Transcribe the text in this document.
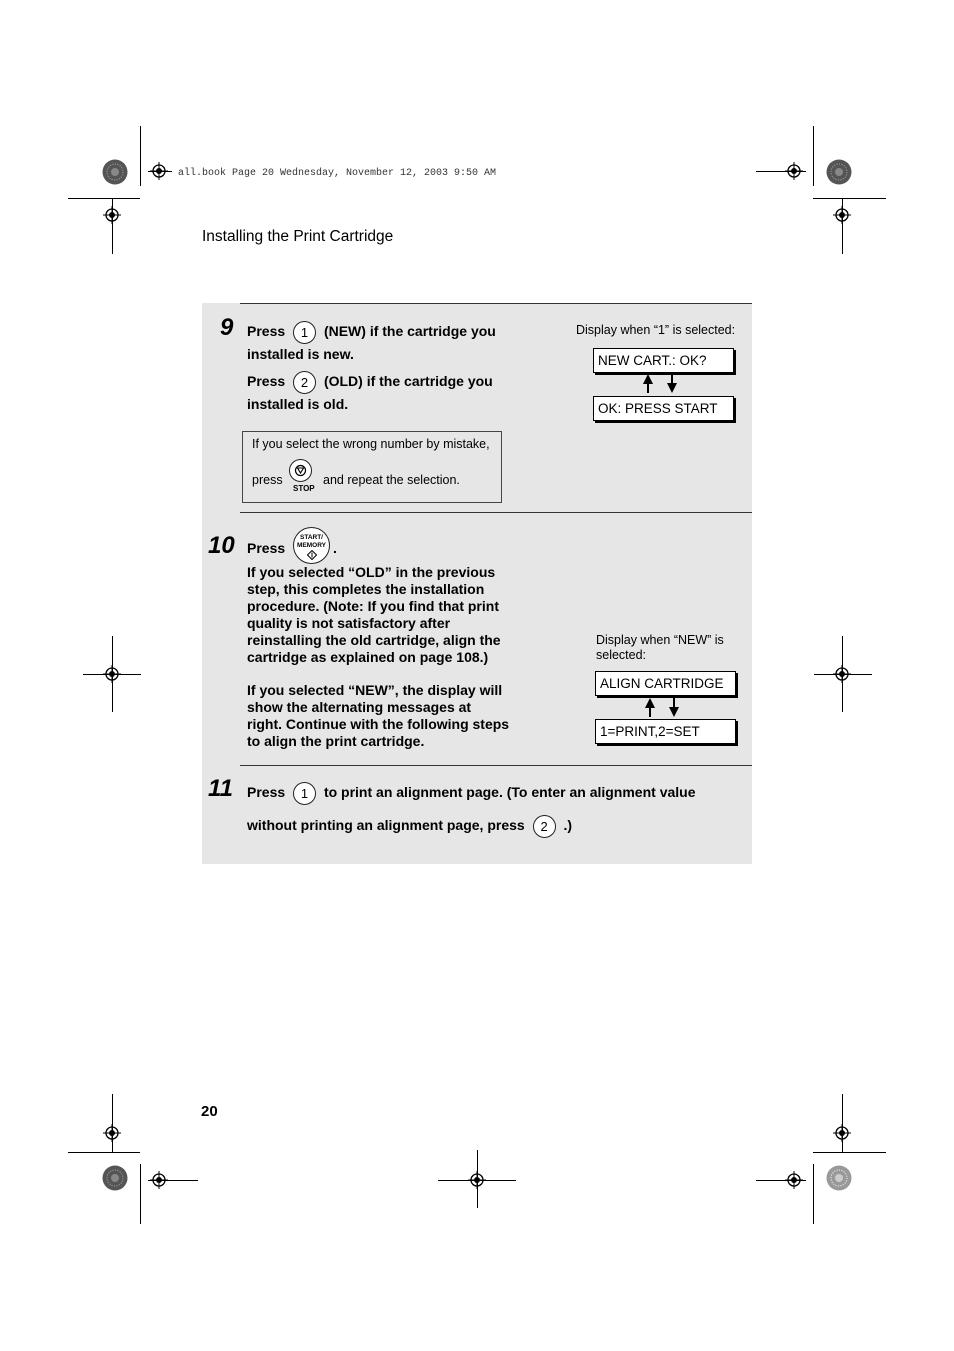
all.book Page 20 Wednesday, November 12, 2003 9:50 AM
Installing the Print Cartridge
20
9 Press 1 (NEW) if the cartridge you
installed is new.
Press 2 (OLD) if the cartridge you
installed is old.
If you select the wrong number by mistake,
press
STOP
and repeat the selection.
Display when “1” is selected:
NEW CART.: OK?
OK: PRESS START
10 Press
START/
MEMORY .
If you selected “OLD” in the previous
step, this completes the installation
procedure. (Note: If you find that print
quality is not satisfactory after
reinstalling the old cartridge, align the
cartridge as explained on page 108.)
If you selected “NEW”, the display will
show the alternating messages at
right. Continue with the following steps
to align the print cartridge.
Display when “NEW” is
selected:
ALIGN CARTRIDGE
1=PRINT,2=SET
11 Press 1 to print an alignment page. (To enter an alignment value
without printing an alignment page, press 2 .)
